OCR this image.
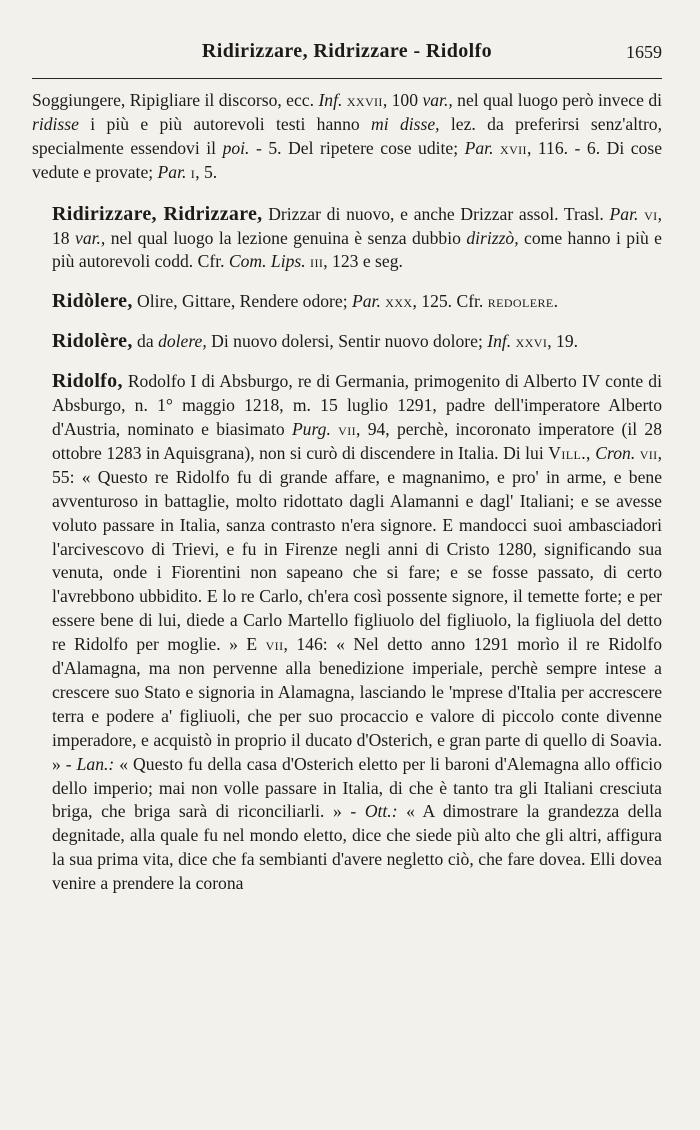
Ridirizzare, Ridrizzare - Ridolfo	1659

Soggiungere, Ripigliare il discorso, ecc. Inf. xxvii, 100 var., nel qual luogo però invece di ridisse i più e più autorevoli testi hanno mi disse, lez. da preferirsi senz'altro, specialmente essendovi il poi. - 5. Del ripetere cose udite; Par. xvii, 116. - 6. Di cose vedute e provate; Par. i, 5.

Ridirizzare, Ridrizzare, Drizzar di nuovo, e anche Drizzar assol. Trasl. Par. vi, 18 var., nel qual luogo la lezione genuina è senza dubbio dirizzò, come hanno i più e più autorevoli codd. Cfr. Com. Lips. iii, 123 e seg.

Ridòlere, Olire, Gittare, Rendere odore; Par. xxx, 125. Cfr. redolere.

Ridolère, da dolere, Di nuovo dolersi, Sentir nuovo dolore; Inf. xxvi, 19.

Ridolfo, Rodolfo I di Absburgo, re di Germania, primogenito di Alberto IV conte di Absburgo, n. 1° maggio 1218, m. 15 luglio 1291, padre dell'imperatore Alberto d'Austria, nominato e biasimato Purg. vii, 94, perchè, incoronato imperatore (il 28 ottobre 1283 in Aquisgrana), non si curò di discendere in Italia. Di lui Vill., Cron. vii, 55: « Questo re Ridolfo fu di grande affare, e magnanimo, e pro' in arme, e bene avventuroso in battaglie, molto ridottato dagli Alamanni e dagl' Italiani; e se avesse voluto passare in Italia, sanza contrasto n'era signore. E mandocci suoi ambasciadori l'arcivescovo di Trievi, e fu in Firenze negli anni di Cristo 1280, significando sua venuta, onde i Fiorentini non sapeano che si fare; e se fosse passato, di certo l'avrebbono ubbidito. E lo re Carlo, ch'era così possente signore, il temette forte; e per essere bene di lui, diede a Carlo Martello figliuolo del figliuolo, la figliuola del detto re Ridolfo per moglie. » E vii, 146: « Nel detto anno 1291 morìo il re Ridolfo d'Alamagna, ma non pervenne alla benedizione imperiale, perchè sempre intese a crescere suo Stato e signoria in Alamagna, lasciando le 'mprese d'Italia per accrescere terra e podere a' figliuoli, che per suo procaccio e valore di piccolo conte divenne imperadore, e acquistò in proprio il ducato d'Osterich, e gran parte di quello di Soavia. » - Lan.: « Questo fu della casa d'Osterich eletto per li baroni d'Alemagna allo officio dello imperio; mai non volle passare in Italia, di che è tanto tra gli Italiani cresciuta briga, che briga sarà di riconciliarli. » - Ott.: « A dimostrare la grandezza della degnitade, alla quale fu nel mondo eletto, dice che siede più alto che gli altri, affigura la sua prima vita, dice che fa sembianti d'avere negletto ciò, che fare dovea. Elli dovea venire a prendere la corona
